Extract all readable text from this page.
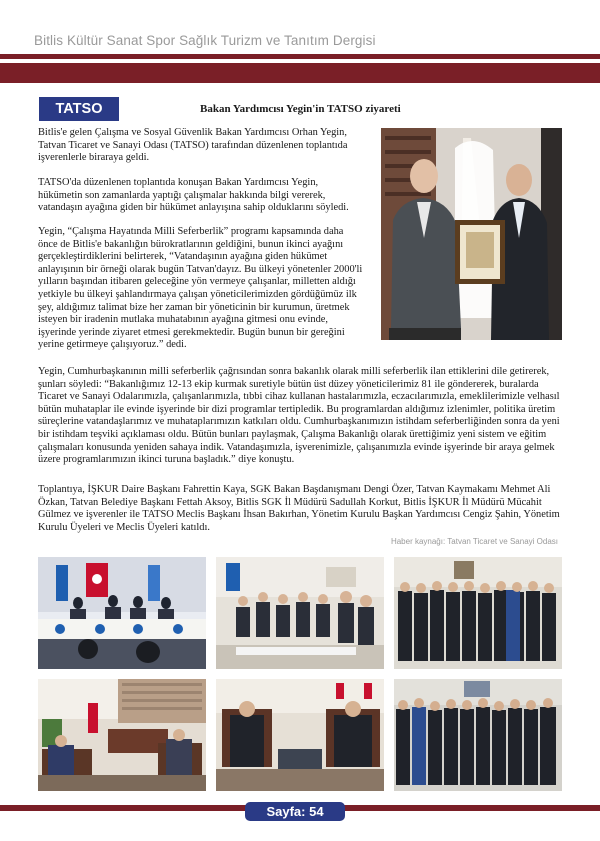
Bitlis Kültür Sanat Spor Sağlık Turizm ve Tanıtım Dergisi
TATSO	Bakan Yardımcısı Yegin'in TATSO ziyareti

Bitlis'e gelen Çalışma ve Sosyal Güvenlik Bakan Yardımcısı Orhan Yegin, Tatvan Ticaret ve Sanayi Odası (TATSO) tarafından düzenlenen toplantıda işverenlerle biraraya geldi.

TATSO'da düzenlenen toplantıda konuşan Bakan Yardımcısı Yegin, hükümetin son zamanlarda yaptığı çalışmalar hakkında bilgi vererek, vatandaşın ayağına giden bir hükümet anlayışına sahip olduklarını söyledi.

Yegin, “Çalışma Hayatında Milli Seferberlik” programı kapsamında daha önce de Bitlis'e bakanlığın bürokratlarının geldiğini, bunun ikinci ayağını gerçekleştirdiklerini belirterek, “Vatandaşının ayağına giden hükümet anlayışının bir örneği olarak bugün Tatvan'dayız. Bu ülkeyi yönetenler 2000'li yılların başından itibaren geleceğine yön vermeye çalışanlar, milletten aldığı yetkiyle bu ülkeyi şahlandırmaya çalışan yöneticilerimizden gördüğümüz ilk şey, aldığımız talimat bize her zaman bir yöneticinin bir kurumun, üretmek isteyen bir iradenin mutlaka muhatabının ayağına gitmesi onu evinde, işyerinde yerinde ziyaret etmesi gerekmektedir. Bugün bunun bir gereğini yerine getirmeye çalışıyoruz.” dedi.

Yegin, Cumhurbaşkanının milli seferberlik çağrısından sonra bakanlık olarak milli seferberlik ilan ettiklerini dile getirerek, şunları söyledi: “Bakanlığımız 12-13 ekip kurmak suretiyle bütün üst düzey yöneticilerimiz 81 ile göndererek, buralarda Ticaret ve Sanayi Odalarımızla, çalışanlarımızla, tıbbi cihaz kullanan hastalarımızla, eczacılarımızla, emeklilerimizle velhasıl bütün muhataplar ile evinde işyerinde bir dizi programlar tertipledik. Bu programlardan aldığımız izlenimler, politika üretim süreçlerine vatandaşlarımız ve muhataplarımızın katkıları oldu. Cumhurbaşkanımızın istihdam seferberliğinden sonra da yeni bir istihdam teşviki açıklaması oldu. Bütün bunları paylaşmak, Çalışma Bakanlığı olarak ürettiğimiz yeni sistem ve eğitim çalışmaları konusunda yeniden sahaya indik. Vatandaşımızla, işverenimizle, çalışanımızla evinde işyerinde bir araya gelmek üzere programlarımızın ikinci turuna başladık.” diye konuştu.

Toplantıya, İŞKUR Daire Başkanı Fahrettin Kaya, SGK Bakan Başdanışmanı Dengi Özer, Tatvan Kaymakamı Mehmet Ali Özkan, Tatvan Belediye Başkanı Fettah Aksoy, Bitlis SGK İl Müdürü Sadullah Korkut, Bitlis İŞKUR İl Müdürü Mücahit Gülmez ve işverenler ile TATSO Meclis Başkanı İhsan Bakırhan, Yönetim Kurulu Başkan Yardımcısı Cengiz Şahin, Yönetim Kurulu Üyeleri ve Meclis Üyeleri katıldı.

Haber kaynağı: Tatvan Ticaret ve Sanayi Odası
Sayfa: 54
